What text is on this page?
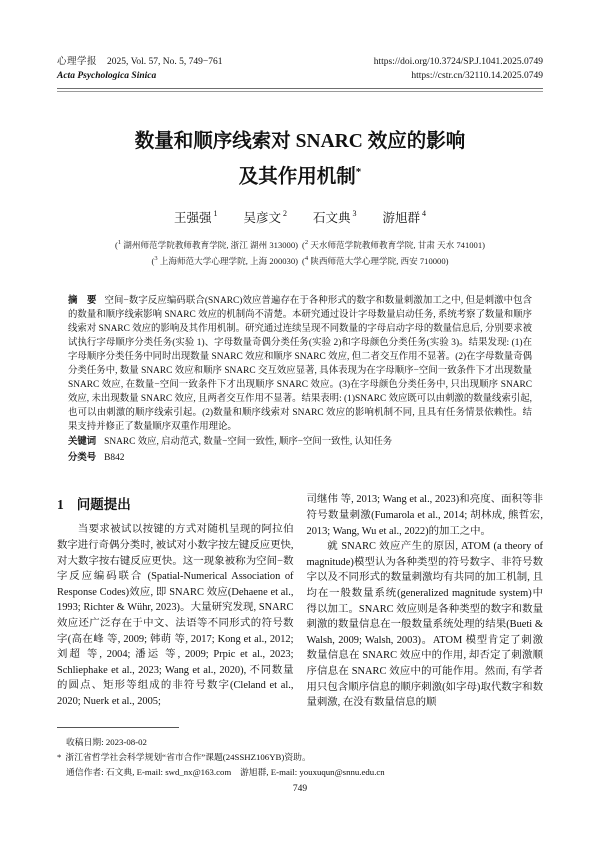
心理学报 2025, Vol. 57, No. 5, 749−761
Acta Psychologica Sinica
https://doi.org/10.3724/SP.J.1041.2025.0749
https://cstr.cn/32110.14.2025.0749
数量和顺序线索对 SNARC 效应的影响
及其作用机制*
王强强 $^1$ 吴彦文 $^2$ 石文典 $^3$ 游旭群 $^4$
($^1$ 湖州师范学院教师教育学院, 浙江 湖州 313000) ($^2$ 天水师范学院教师教育学院, 甘肃 天水 741001)
($^3$ 上海师范大学心理学院, 上海 200030) ($^4$ 陕西师范大学心理学院, 西安 710000)
摘　要 空间−数字反应编码联合(SNARC)效应普遍存在于各种形式的数字和数量刺激加工之中, 但是刺激中包含的数量和顺序线索影响 SNARC 效应的机制尚不清楚。本研究通过设计字母数量启动任务, 系统考察了数量和顺序线索对 SNARC 效应的影响及其作用机制。研究通过连续呈现不同数量的字母启动字母的数量信息后, 分别要求被试执行字母顺序分类任务(实验 1)、字母数量奇偶分类任务(实验 2)和字母颜色分类任务(实验 3)。结果发现: (1)在字母顺序分类任务中同时出现数量 SNARC 效应和顺序 SNARC 效应, 但二者交互作用不显著。(2)在字母数量奇偶分类任务中, 数量 SNARC 效应和顺序 SNARC 交互效应显著, 具体表现为在字母顺序−空间一致条件下才出现数量 SNARC 效应, 在数量−空间一致条件下才出现顺序 SNARC 效应。(3)在字母颜色分类任务中, 只出现顺序 SNARC 效应, 未出现数量 SNARC 效应, 且两者交互作用不显著。结果表明: (1)SNARC 效应既可以由刺激的数量线索引起, 也可以由刺激的顺序线索引起。(2)数量和顺序线索对 SNARC 效应的影响机制不同, 且具有任务情景依赖性。结果支持并修正了数量顺序双重作用理论。
关键词 SNARC 效应, 启动范式, 数量−空间一致性, 顺序−空间一致性, 认知任务
分类号 B842
1 问题提出

当要求被试以按键的方式对随机呈现的阿拉伯数字进行奇偶分类时, 被试对小数字按左键反应更快, 对大数字按右键反应更快。这一现象被称为空间−数字反应编码联合 (Spatial-Numerical Association of Response Codes)效应, 即 SNARC 效应(Dehaene et al., 1993; Richter & Wühr, 2023)。大量研究发现, SNARC 效应还广泛存在于中文、法语等不同形式的符号数字(高在峰 等, 2009; 韩萌 等, 2017; Kong et al., 2012; 刘超 等, 2004; 潘运 等, 2009; Prpic et al., 2023; Schliephake et al., 2023; Wang et al., 2020), 不同数量的圆点、矩形等组成的非符号数字(Cleland et al., 2020; Nuerk et al., 2005;

司继伟 等, 2013; Wang et al., 2023)和亮度、面积等非符号数量刺激(Fumarola et al., 2014; 胡林成, 熊哲宏, 2013; Wang, Wu et al., 2022)的加工之中。

就 SNARC 效应产生的原因, ATOM (a theory of magnitude)模型认为各种类型的符号数字、非符号数字以及不同形式的数量刺激均有共同的加工机制, 且均在一般数量系统(generalized magnitude system)中得以加工。SNARC 效应则是各种类型的数字和数量刺激的数量信息在一般数量系统处理的结果(Bueti & Walsh, 2009; Walsh, 2003)。ATOM 模型肯定了刺激数量信息在 SNARC 效应中的作用, 却否定了刺激顺序信息在 SNARC 效应中的可能作用。然而, 有学者用只包含顺序信息的顺序刺激(如字母)取代数字和数量刺激, 在没有数量信息的顺

收稿日期: 2023-08-02
* 浙江省哲学社会科学规划“省市合作”课题(24SSHZ106YB)资助。
通信作者: 石文典, E-mail: swd_nx@163.com　游旭群, E-mail: youxuqun@snnu.edu.cn
749
